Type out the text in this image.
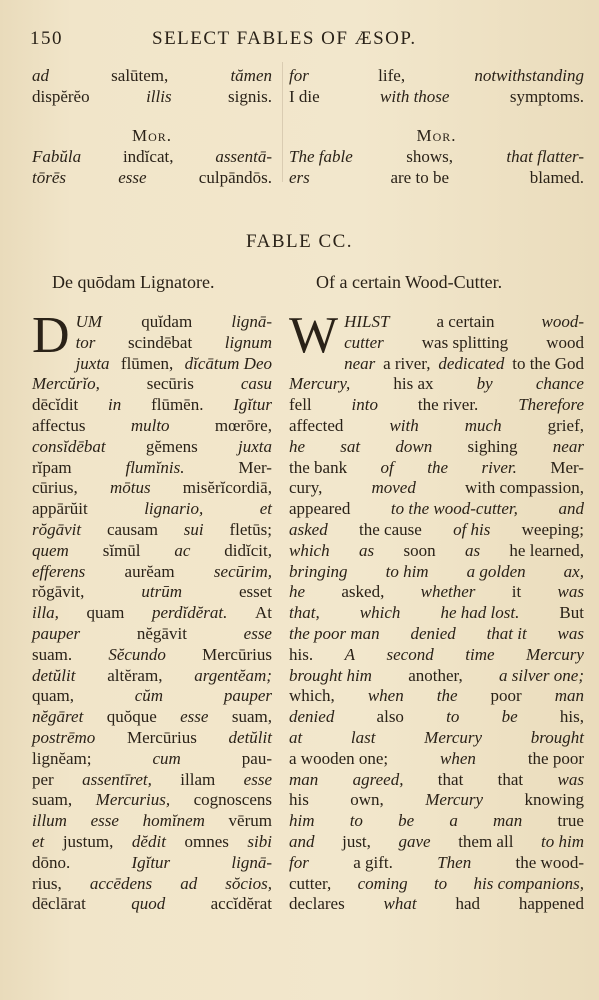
150	SELECT FABLES OF ÆSOP.
ad	salūtem,	tămen
dispĕrĕo	illis	signis.
for	life,	notwithstanding
I die	with those	symptoms.
Mor.	Mor.
Fabŭla indĭcat, assentā-
tōrēs	esse	culpāndōs.
The fable	shows,	that flatter-
ers	are to be	blamed.
FABLE CC.
De quōdam Lignatore.	Of a certain Wood-Cutter.
D UM quĭdam lignā-
tor scindēbat lignum
juxta flūmen, dĭcātum Deo
Mercŭrĭo,	secūris	casu
dēcĭdit in flūmēn. Igĭtur
affectus	multo	mœrōre,
consĭdēbat gĕmens juxta
rĭpam	flumĭnis.	Mer-
cūrius, mōtus misĕrĭcordiā,
appārŭit	lignario,	et
rŏgāvit causam sui fletūs;
quem sĭmūl ac didĭcit,
efferens aurĕam secūrim,
rŏgāvit,	utrūm	esset
illa, quam perdĭdĕrat. At
pauper	nĕgāvit	esse
suam. Sĕcundo Mercūrius
detŭlit altĕram, argentĕam;
quam,	cŭm	pauper
nĕgāret quŏque esse suam,
postrēmo Mercūrius detŭlit
lignĕam;	cum	pau-
per assentīret, illam esse
suam, Mercurius, cognoscens
illum esse homĭnem vērum
et justum, dĕdit omnes sibi
dōno.	Igĭtur	lignā-
rius, accēdens ad sŏcios,
dēclārat	quod	accĭdĕrat
W HILST	a certain	wood-
cutter was splitting wood
near a river, dedicated to the God
Mercury,	his ax	by	chance
fell into the river. Therefore
affected	with	much	grief,
he sat down sighing near
the bank of the river. Mer-
cury,	moved	with compassion,
appeared to the wood-cutter, and
asked the cause of his weeping;
which as soon as he learned,
bringing to him a golden ax,
he asked, whether it was
that, which he had lost. But
the poor man denied that it was
his. A second time Mercury
brought him another, a silver one;
which, when the poor man
denied also to be his,
at	last	Mercury	brought
a wooden one;	when	the poor
man agreed, that that was
his own, Mercury knowing
him to be a man true
and just, gave them all to him
for	a gift.	Then	the wood-
cutter, coming to his companions,
declares what had happened
